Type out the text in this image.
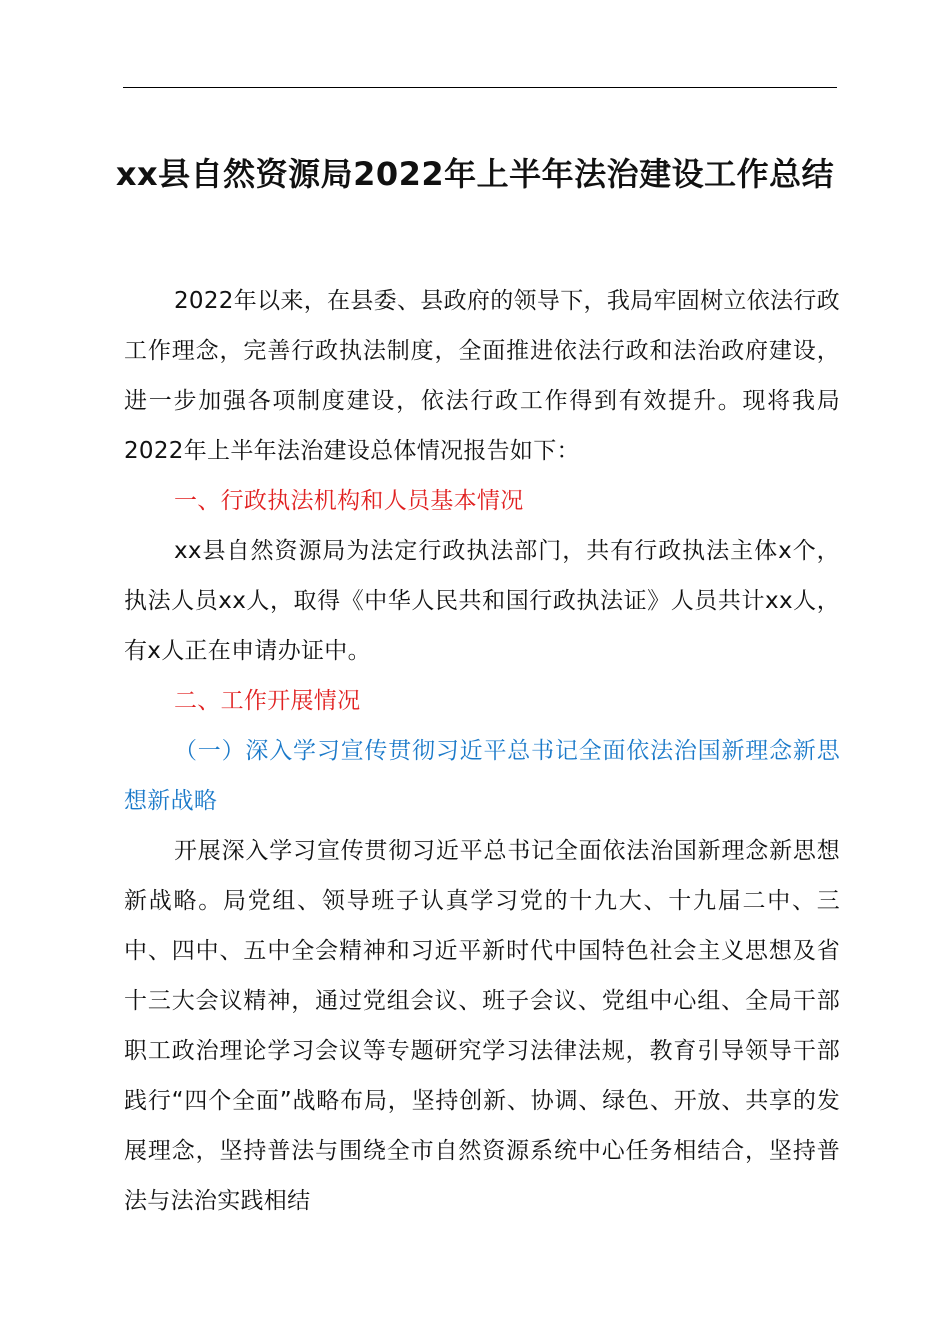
xx县自然资源局2022年上半年法治建设工作总结

2022年以来，在县委、县政府的领导下，我局牢固树立依法行政工作理念，完善行政执法制度，全面推进依法行政和法治政府建设，进一步加强各项制度建设，依法行政工作得到有效提升。现将我局2022年上半年法治建设总体情况报告如下：

一、行政执法机构和人员基本情况

xx县自然资源局为法定行政执法部门，共有行政执法主体x个，执法人员xx人，取得《中华人民共和国行政执法证》人员共计xx人，有x人正在申请办证中。

二、工作开展情况

（一）深入学习宣传贯彻习近平总书记全面依法治国新理念新思想新战略

开展深入学习宣传贯彻习近平总书记全面依法治国新理念新思想新战略。局党组、领导班子认真学习党的十九大、十九届二中、三中、四中、五中全会精神和习近平新时代中国特色社会主义思想及省十三大会议精神，通过党组会议、班子会议、党组中心组、全局干部职工政治理论学习会议等专题研究学习法律法规，教育引导领导干部践行“四个全面”战略布局，坚持创新、协调、绿色、开放、共享的发展理念，坚持普法与围绕全市自然资源系统中心任务相结合，坚持普法与法治实践相结
